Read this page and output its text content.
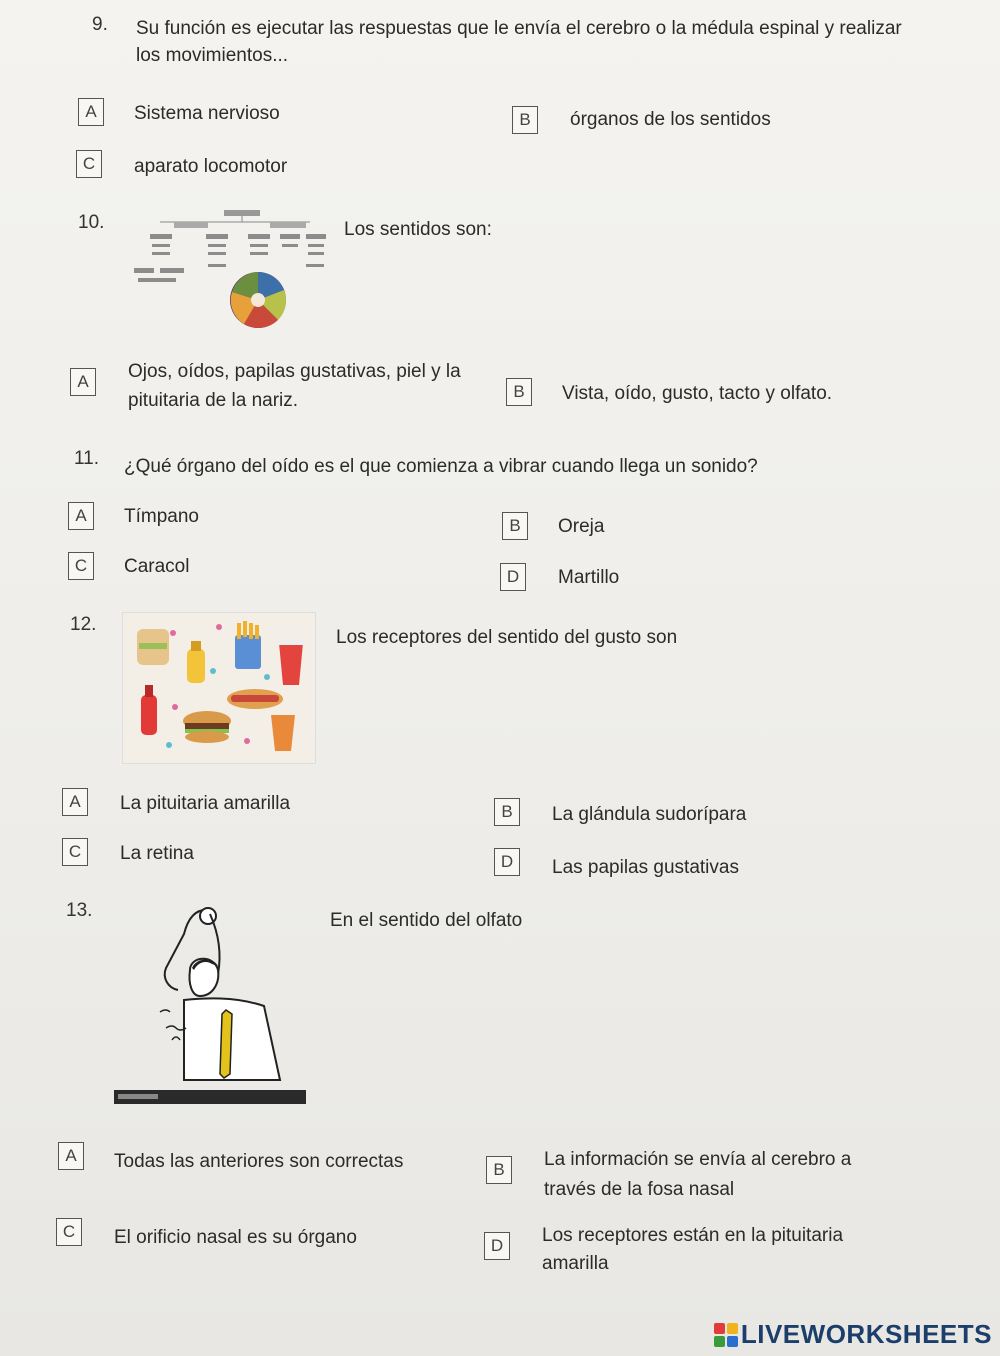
9. Su función es ejecutar las respuestas que le envía el cerebro o la médula espinal y realizar
los movimientos...
A	Sistema nervioso	B	órganos de los sentidos
C	aparato locomotor
10.	Los sentidos son:
A	Ojos, oídos, papilas gustativas, piel y la
pituitaria de la nariz.	B	Vista, oído, gusto, tacto y olfato.
11. ¿Qué órgano del oído es el que comienza a vibrar cuando llega un sonido?
A	Tímpano	B	Oreja
C	Caracol	D	Martillo
12.
Los receptores del sentido del gusto son
A	La pituitaria amarilla	B	La glándula sudorípara
C	La retina	D	Las papilas gustativas
13.	En el sentido del olfato
A	Todas las anteriores son correctas	B	La información se envía al cerebro a
través de la fosa nasal
C	El orificio nasal es su órgano	D	Los receptores están en la pituitaria
amarilla
LIVEWORKSHEETS
